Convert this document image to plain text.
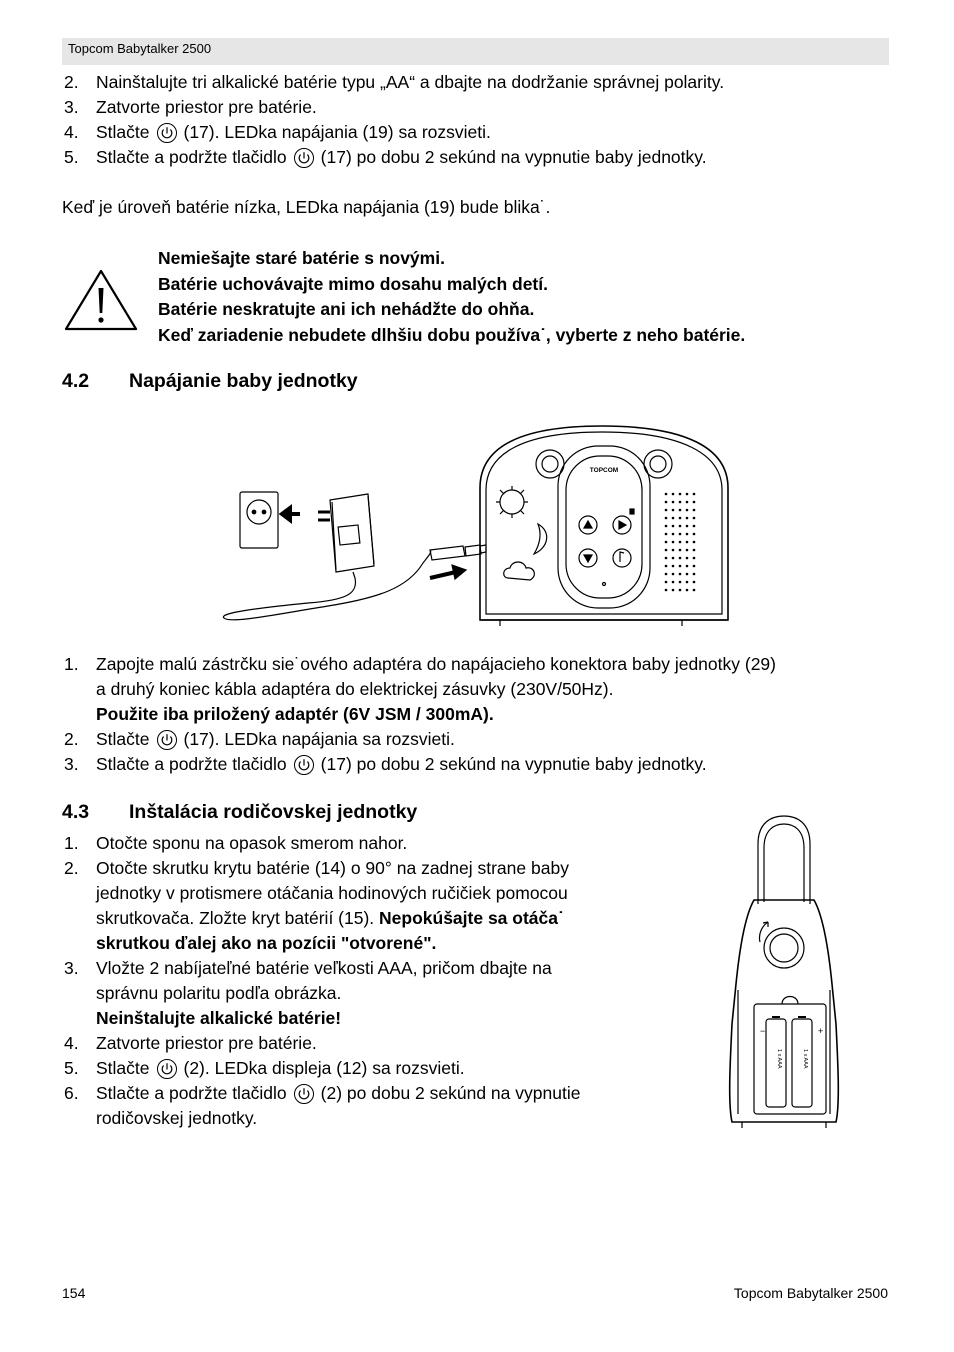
Topcom Babytalker 2500
2. Nainštalujte tri alkalické batérie typu „AA“ a dbajte na dodržanie správnej polarity.
3. Zatvorte priestor pre batérie.
4. Stlačte (17). LEDka napájania (19) sa rozsvieti.
5. Stlačte a podržte tlačidlo (17) po dobu 2 sekúnd na vypnutie baby jednotky.
Keď je úroveň batérie nízka, LEDka napájania (19) bude blika˙.
Nemiešajte staré batérie s novými.
Batérie uchovávajte mimo dosahu malých detí.
Batérie neskratujte ani ich nehádžte do ohňa.
Keď zariadenie nebudete dlhšiu dobu používa˙, vyberte z neho batérie.
4.2 Napájanie baby jednotky
TOPCOM
1. Zapojte malú zástrčku sie˙ového adaptéra do napájacieho konektora baby jednotky (29)
a druhý koniec kábla adaptéra do elektrickej zásuvky (230V/50Hz).
Použite iba priložený adaptér (6V JSM / 300mA).
2. Stlačte (17). LEDka napájania sa rozsvieti.
3. Stlačte a podržte tlačidlo (17) po dobu 2 sekúnd na vypnutie baby jednotky.
4.3 Inštalácia rodičovskej jednotky
1. Otočte sponu na opasok smerom nahor.
2. Otočte skrutku krytu batérie (14) o 90° na zadnej strane baby
jednotky v protismere otáčania hodinových ručičiek pomocou
skrutkovača. Zložte kryt batérií (15). Nepokúšajte sa otáča˙
skrutkou ďalej ako na pozícii "otvorené".
3. Vložte 2 nabíjateľné batérie veľkosti AAA, pričom dbajte na
správnu polaritu podľa obrázka.
Neinštalujte alkalické batérie!
4. Zatvorte priestor pre batérie.
5. Stlačte (2). LEDka displeja (12) sa rozsvieti.
6. Stlačte a podržte tlačidlo (2) po dobu 2 sekúnd na vypnutie
rodičovskej jednotky.
−	+
1 x AAA	1 x AAA
154	Topcom Babytalker 2500
